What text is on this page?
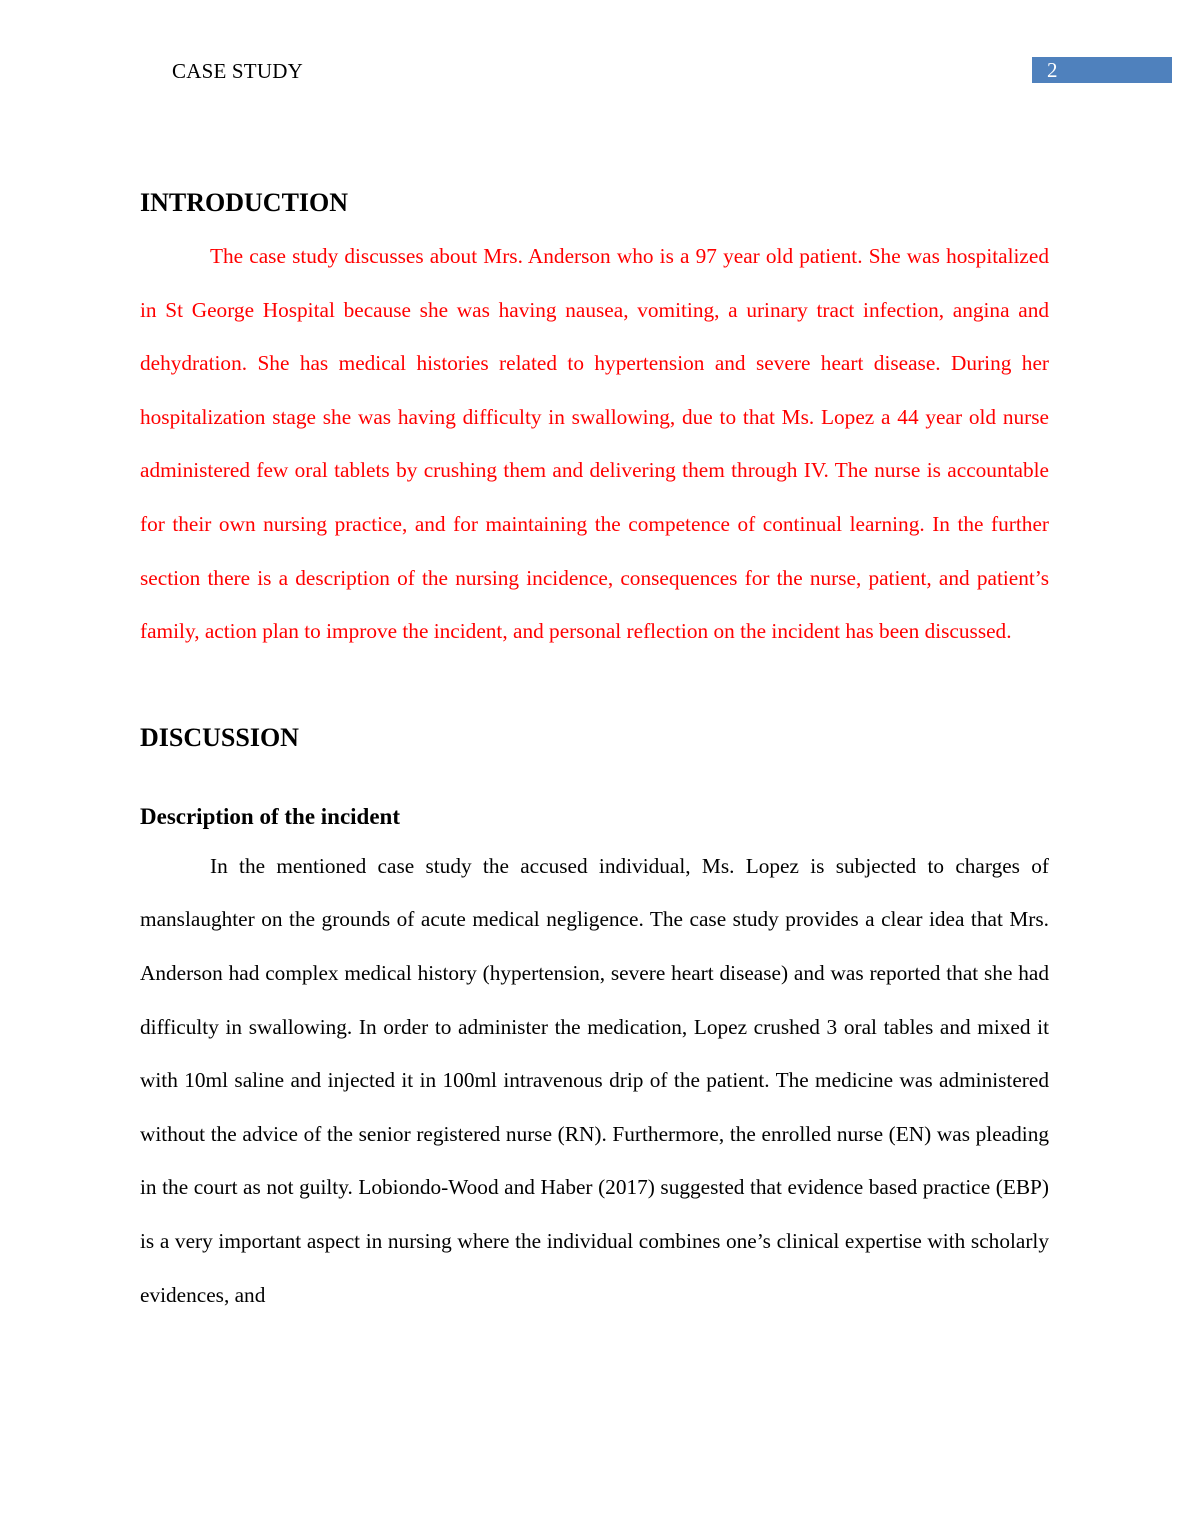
CASE STUDY	2
INTRODUCTION

The case study discusses about Mrs. Anderson who is a 97 year old patient. She was hospitalized in St George Hospital because she was having nausea, vomiting, a urinary tract infection, angina and dehydration. She has medical histories related to hypertension and severe heart disease. During her hospitalization stage she was having difficulty in swallowing, due to that Ms. Lopez a 44 year old nurse administered few oral tablets by crushing them and delivering them through IV. The nurse is accountable for their own nursing practice, and for maintaining the competence of continual learning. In the further section there is a description of the nursing incidence, consequences for the nurse, patient, and patient’s family, action plan to improve the incident, and personal reflection on the incident has been discussed.

DISCUSSION
Description of the incident

In the mentioned case study the accused individual, Ms. Lopez is subjected to charges of manslaughter on the grounds of acute medical negligence. The case study provides a clear idea that Mrs. Anderson had complex medical history (hypertension, severe heart disease) and was reported that she had difficulty in swallowing. In order to administer the medication, Lopez crushed 3 oral tables and mixed it with 10ml saline and injected it in 100ml intravenous drip of the patient. The medicine was administered without the advice of the senior registered nurse (RN). Furthermore, the enrolled nurse (EN) was pleading in the court as not guilty. Lobiondo-Wood and Haber (2017) suggested that evidence based practice (EBP) is a very important aspect in nursing where the individual combines one’s clinical expertise with scholarly evidences, and
